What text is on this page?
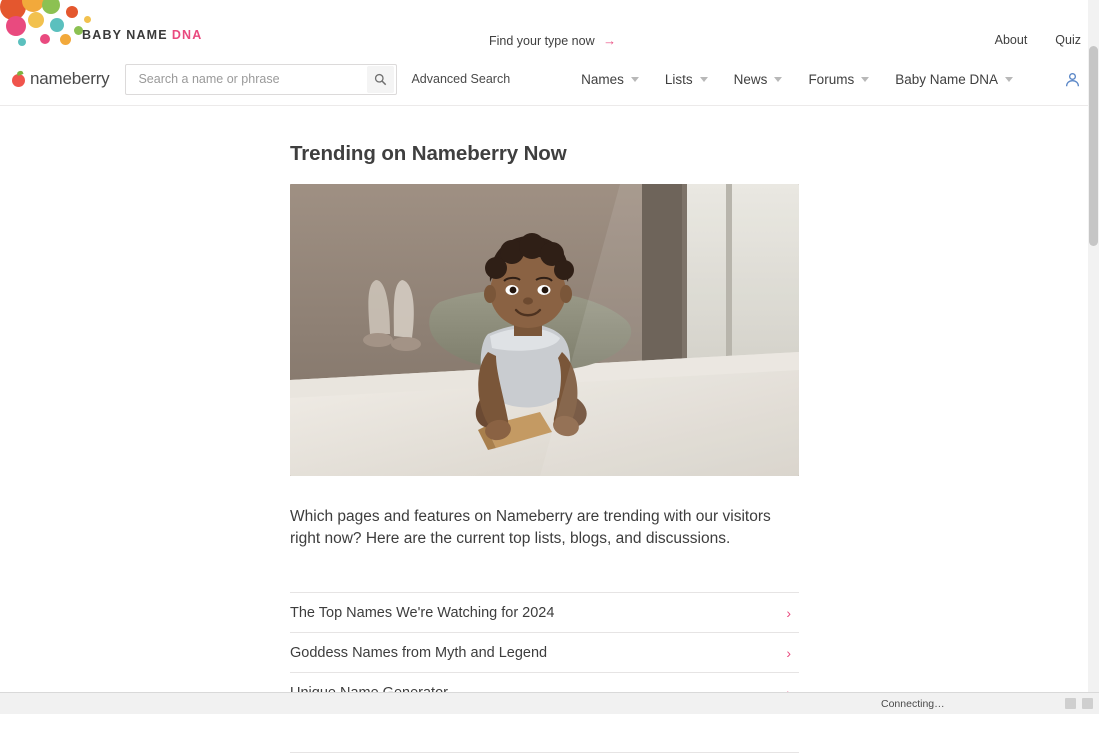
BABY NAME DNA	Find your type now →	About Quiz
nameberry
Search a name or phrase	Advanced Search	Names	Lists	News	Forums	Baby Name DNA
Trending on Nameberry Now

Which pages and features on Nameberry are trending with our visitors right now? Here are the current top lists, blogs, and discussions.

The Top Names We're Watching for 2024	›
Goddess Names from Myth and Legend	›
Connecting…
